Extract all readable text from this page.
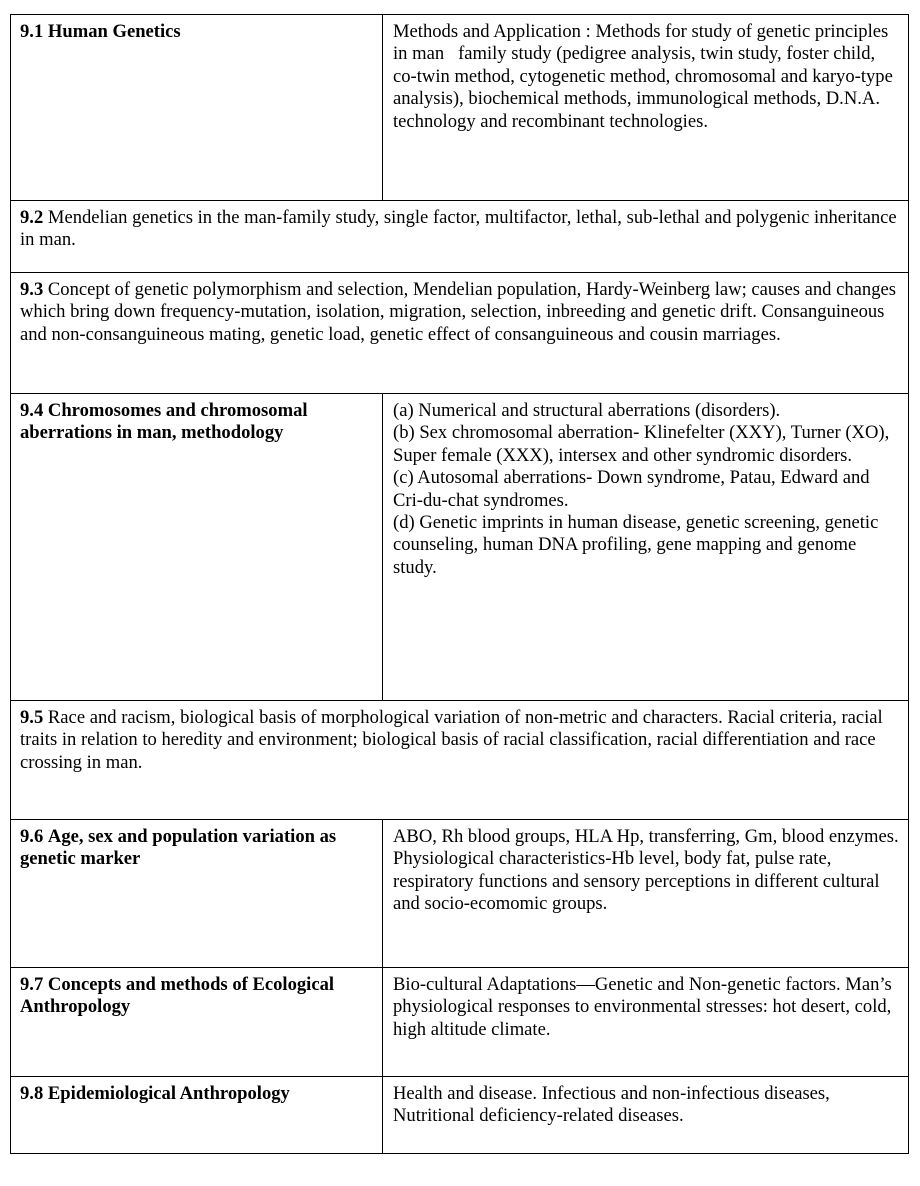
9.1 Human Genetics	Methods and Application : Methods for study of genetic principles in man   family study (pedigree analysis, twin study, foster child, co-twin method, cytogenetic method, chromosomal and karyo-type analysis), biochemical methods, immunological methods, D.N.A. technology and recombinant technologies.
9.2 Mendelian genetics in the man-family study, single factor, multifactor, lethal, sub-lethal and polygenic inheritance in man.	
9.3 Concept of genetic polymorphism and selection, Mendelian population, Hardy-Weinberg law; causes and changes which bring down frequency-mutation, isolation, migration, selection, inbreeding and genetic drift. Consanguineous and non-consanguineous mating, genetic load, genetic effect of consanguineous and cousin marriages.	
9.4 Chromosomes and chromosomal aberrations in man, methodology	(a) Numerical and structural aberrations (disorders).
(b) Sex chromosomal aberration- Klinefelter (XXY), Turner (XO), Super female (XXX), intersex and other syndromic disorders.
(c) Autosomal aberrations- Down syndrome, Patau, Edward and Cri-du-chat syndromes.
(d) Genetic imprints in human disease, genetic screening, genetic counseling, human DNA profiling, gene mapping and genome study.

9.5 Race and racism, biological basis of morphological variation of non-metric and characters. Racial criteria, racial traits in relation to heredity and environment; biological basis of racial classification, racial differentiation and race crossing in man.	
9.6 Age, sex and population variation as genetic marker	ABO, Rh blood groups, HLA Hp, transferring, Gm, blood enzymes. Physiological characteristics-Hb level, body fat, pulse rate, respiratory functions and sensory perceptions in different cultural and socio-ecomomic groups.
9.7 Concepts and methods of Ecological Anthropology	Bio-cultural Adaptations—Genetic and Non-genetic factors. Man’s physiological responses to environmental stresses: hot desert, cold, high altitude climate.
9.8 Epidemiological Anthropology	Health and disease. Infectious and non-infectious diseases, Nutritional deficiency-related diseases.
